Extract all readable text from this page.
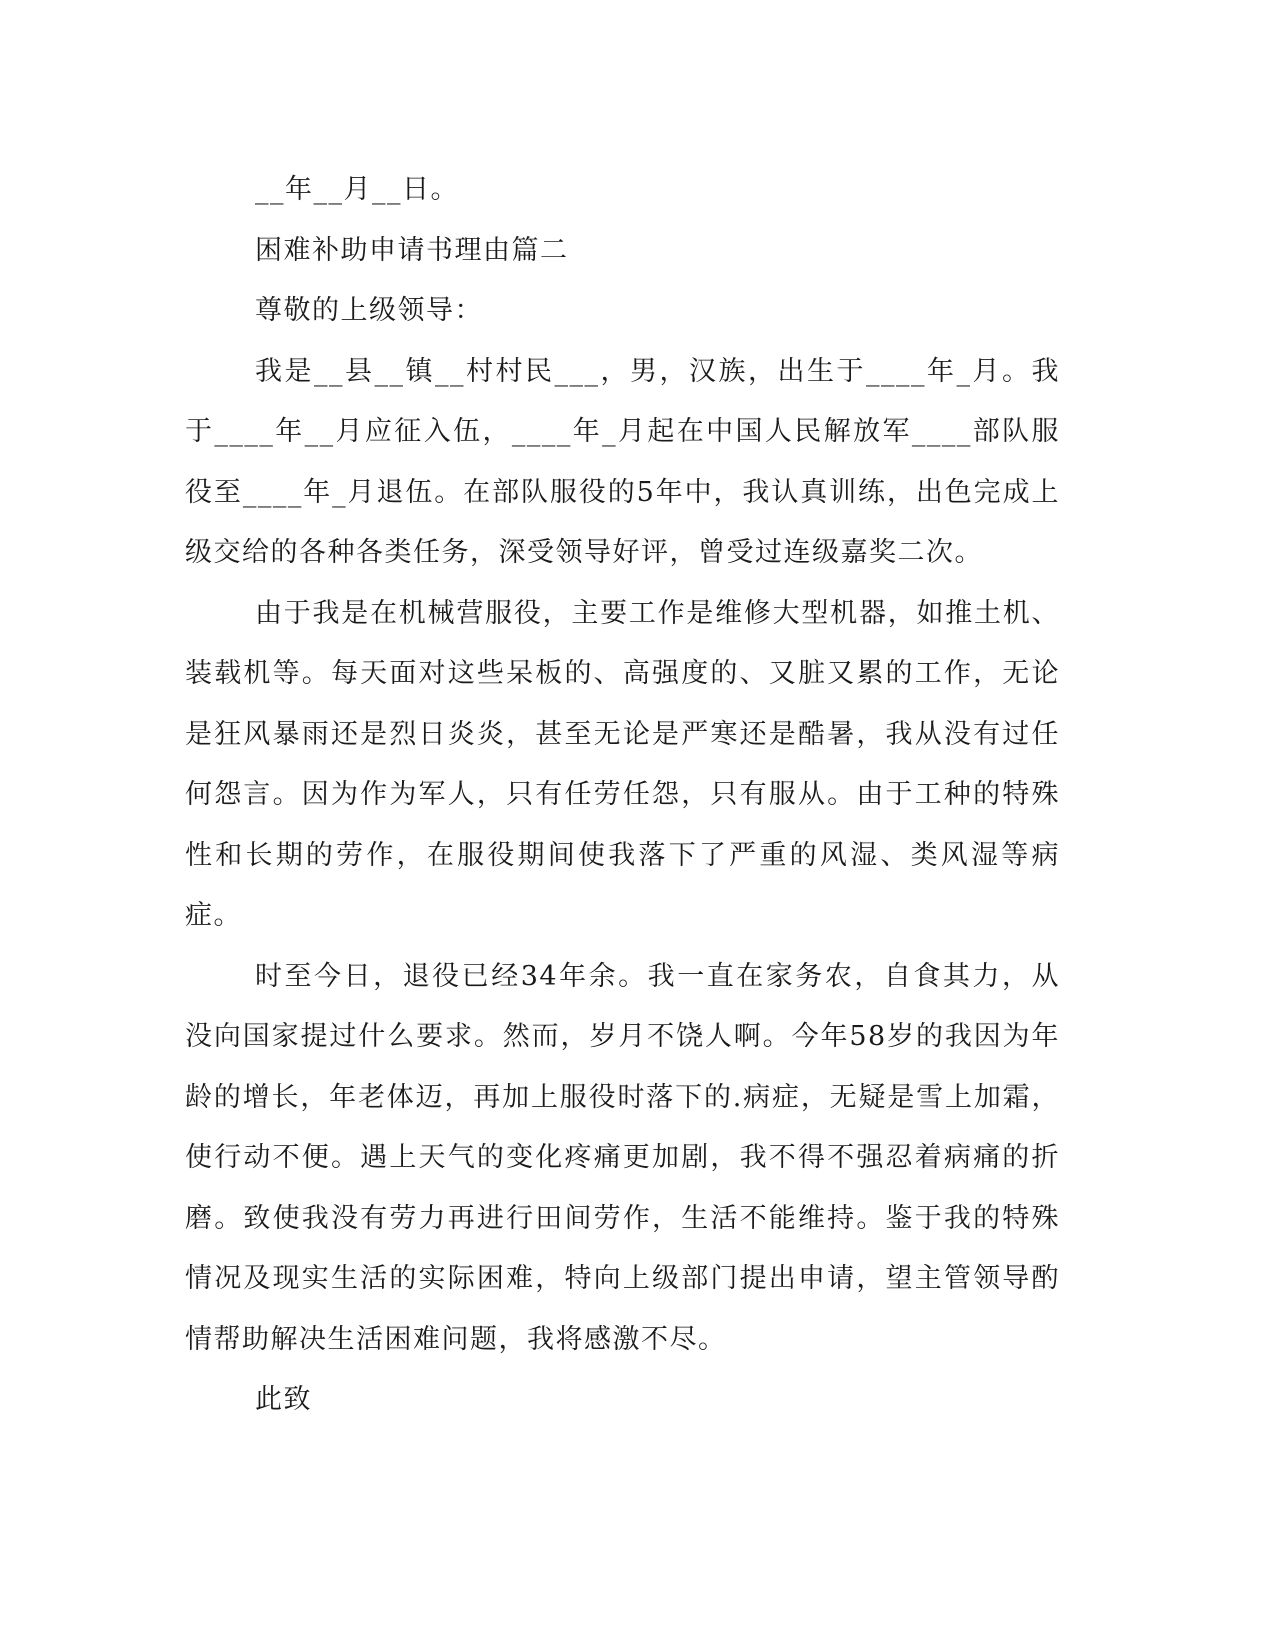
__年__月__日。

困难补助申请书理由篇二

尊敬的上级领导：

我是__县__镇__村村民___，男，汉族，出生于____年_月。我于____年__月应征入伍，____年_月起在中国人民解放军____部队服役至____年_月退伍。在部队服役的5年中，我认真训练，出色完成上级交给的各种各类任务，深受领导好评，曾受过连级嘉奖二次。

由于我是在机械营服役，主要工作是维修大型机器，如推土机、装载机等。每天面对这些呆板的、高强度的、又脏又累的工作，无论是狂风暴雨还是烈日炎炎，甚至无论是严寒还是酷暑，我从没有过任何怨言。因为作为军人，只有任劳任怨，只有服从。由于工种的特殊性和长期的劳作，在服役期间使我落下了严重的风湿、类风湿等病症。

时至今日，退役已经34年余。我一直在家务农，自食其力，从没向国家提过什么要求。然而，岁月不饶人啊。今年58岁的我因为年龄的增长，年老体迈，再加上服役时落下的.病症，无疑是雪上加霜，使行动不便。遇上天气的变化疼痛更加剧，我不得不强忍着病痛的折磨。致使我没有劳力再进行田间劳作，生活不能维持。鉴于我的特殊情况及现实生活的实际困难，特向上级部门提出申请，望主管领导酌情帮助解决生活困难问题，我将感激不尽。

此致
